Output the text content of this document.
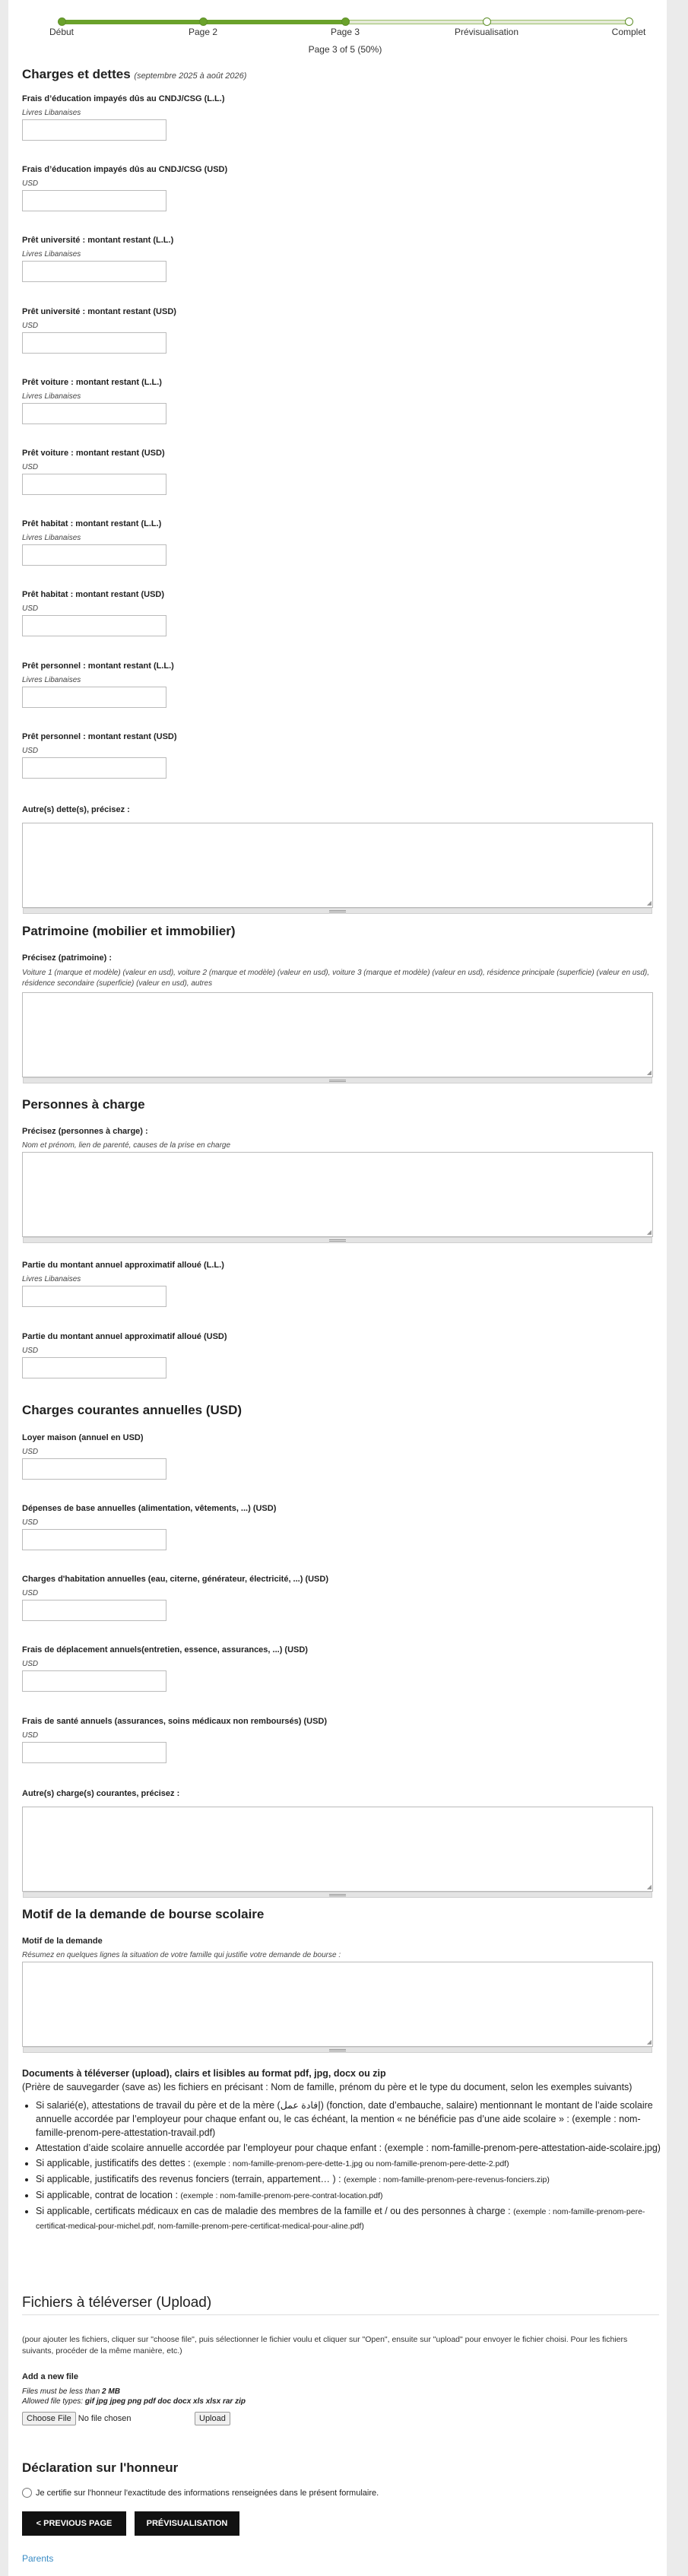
Début	Page 2	Page 3	Prévisualisation	Complet
Page 3 of 5 (50%)
Charges et dettes (septembre 2025 à août 2026)
Frais d’éducation impayés dûs au CNDJ/CSG (L.L.)
Livres Libanaises
Frais d’éducation impayés dûs au CNDJ/CSG (USD)
USD
Prêt université : montant restant (L.L.)
Livres Libanaises
Prêt université : montant restant (USD)
USD
Prêt voiture : montant restant (L.L.)
Livres Libanaises
Prêt voiture : montant restant (USD)
USD
Prêt habitat : montant restant (L.L.)
Livres Libanaises
Prêt habitat : montant restant (USD)
USD
Prêt personnel : montant restant (L.L.)
Livres Libanaises
Prêt personnel : montant restant (USD)
USD
Autre(s) dette(s), précisez :
◢
Patrimoine (mobilier et immobilier)
Précisez (patrimoine) :
Voiture 1 (marque et modèle) (valeur en usd), voiture 2 (marque et modèle) (valeur en usd), voiture 3 (marque et modèle) (valeur en usd), résidence principale (superficie) (valeur en usd), résidence secondaire (superficie) (valeur en usd), autres
◢
Personnes à charge
Précisez (personnes à charge) :
Nom et prénom, lien de parenté, causes de la prise en charge
◢
Partie du montant annuel approximatif alloué (L.L.)
Livres Libanaises
Partie du montant annuel approximatif alloué (USD)
USD
Charges courantes annuelles (USD)
Loyer maison (annuel en USD)
USD
Dépenses de base annuelles (alimentation, vêtements, ...) (USD)
USD
Charges d'habitation annuelles (eau, citerne, générateur, électricité, ...) (USD)
USD
Frais de déplacement annuels(entretien, essence, assurances, ...) (USD)
USD
Frais de santé annuels (assurances, soins médicaux non remboursés) (USD)
USD
Autre(s) charge(s) courantes, précisez :
◢
Motif de la demande de bourse scolaire
Motif de la demande
Résumez en quelques lignes la situation de votre famille qui justifie votre demande de bourse :
◢
Documents à téléverser (upload), clairs et lisibles au format pdf, jpg, docx ou zip
(Prière de sauvegarder (save as) les fichiers en précisant : Nom de famille, prénom du père et le type du document, selon les exemples suivants)
• Si salarié(e), attestations de travail du père et de la mère (إفادة عمل) (fonction, date d’embauche, salaire) mentionnant le montant de l’aide scolaire annuelle accordée par l’employeur pour chaque enfant ou, le cas échéant, la mention « ne bénéficie pas d’une aide scolaire » : (exemple : nom-famille-prenom-pere-attestation-travail.pdf)
• Attestation d’aide scolaire annuelle accordée par l’employeur pour chaque enfant : (exemple : nom-famille-prenom-pere-attestation-aide-scolaire.jpg)
• Si applicable, justificatifs des dettes : (exemple : nom-famille-prenom-pere-dette-1.jpg ou nom-famille-prenom-pere-dette-2.pdf)
• Si applicable, justificatifs des revenus fonciers (terrain, appartement… ) : (exemple : nom-famille-prenom-pere-revenus-fonciers.zip)
• Si applicable, contrat de location : (exemple : nom-famille-prenom-pere-contrat-location.pdf)
• Si applicable, certificats médicaux en cas de maladie des membres de la famille et / ou des personnes à charge : (exemple : nom-famille-prenom-pere-certificat-medical-pour-michel.pdf, nom-famille-prenom-pere-certificat-medical-pour-aline.pdf)
Fichiers à téléverser (Upload)
(pour ajouter les fichiers, cliquer sur "choose file", puis sélectionner le fichier voulu et cliquer sur "Open", ensuite sur "upload" pour envoyer le fichier choisi. Pour les fichiers suivants, procéder de la même manière, etc.)
Add a new file
Files must be less than 2 MB
Allowed file types: gif jpg jpeg png pdf doc docx xls xlsx rar zip
Choose File No file chosen	Upload
Déclaration sur l'honneur
Je certifie sur l'honneur l'exactitude des informations renseignées dans le présent formulaire.
< PREVIOUS PAGE	PRÉVISUALISATION
Parents
